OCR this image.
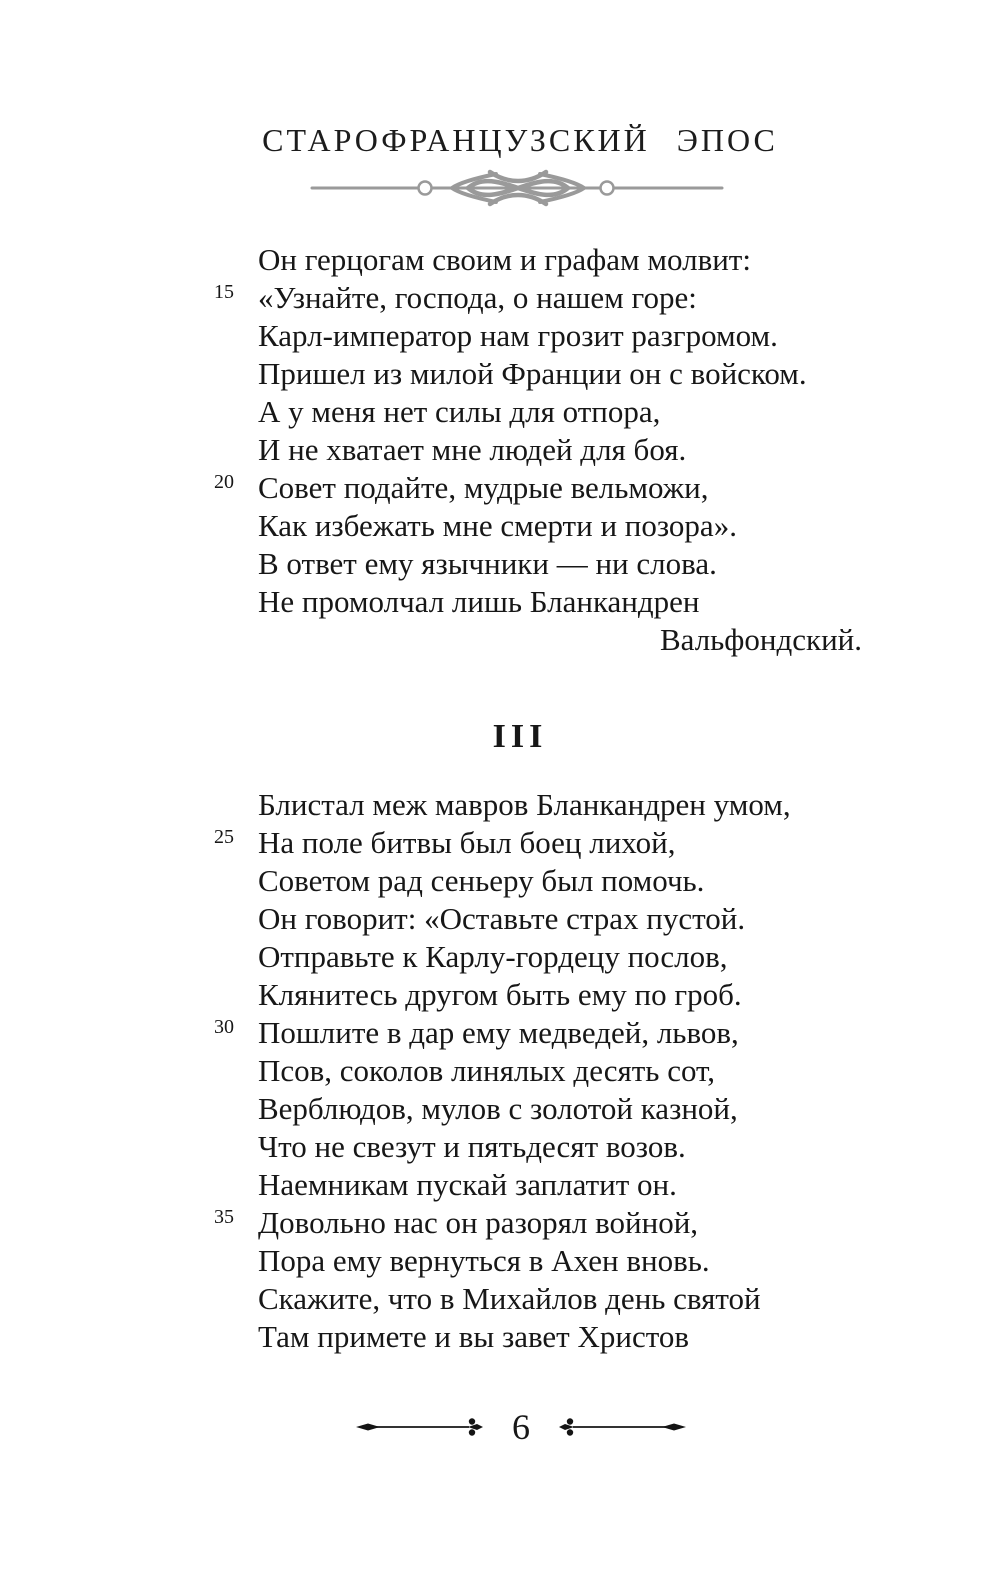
СТАРОФРАНЦУЗСКИЙ ЭПОС
Он герцогам своим и графам молвит:
15 «Узнайте, господа, о нашем горе:
Карл-император нам грозит разгромом.
Пришел из милой Франции он с войском.
А у меня нет силы для отпора,
И не хватает мне людей для боя.
20 Совет подайте, мудрые вельможи,
Как избежать мне смерти и позора».
В ответ ему язычники — ни слова.
Не промолчал лишь Бланкандрен
Вальфондский.
III
Блистал меж мавров Бланкандрен умом,
25 На поле битвы был боец лихой,
Советом рад сеньеру был помочь.
Он говорит: «Оставьте страх пустой.
Отправьте к Карлу-гордецу послов,
Клянитесь другом быть ему по гроб.
30 Пошлите в дар ему медведей, львов,
Псов, соколов линялых десять сот,
Верблюдов, мулов с золотой казной,
Что не свезут и пятьдесят возов.
Наемникам пускай заплатит он.
35 Довольно нас он разорял войной,
Пора ему вернуться в Ахен вновь.
Скажите, что в Михайлов день святой
Там примете и вы завет Христов
6
